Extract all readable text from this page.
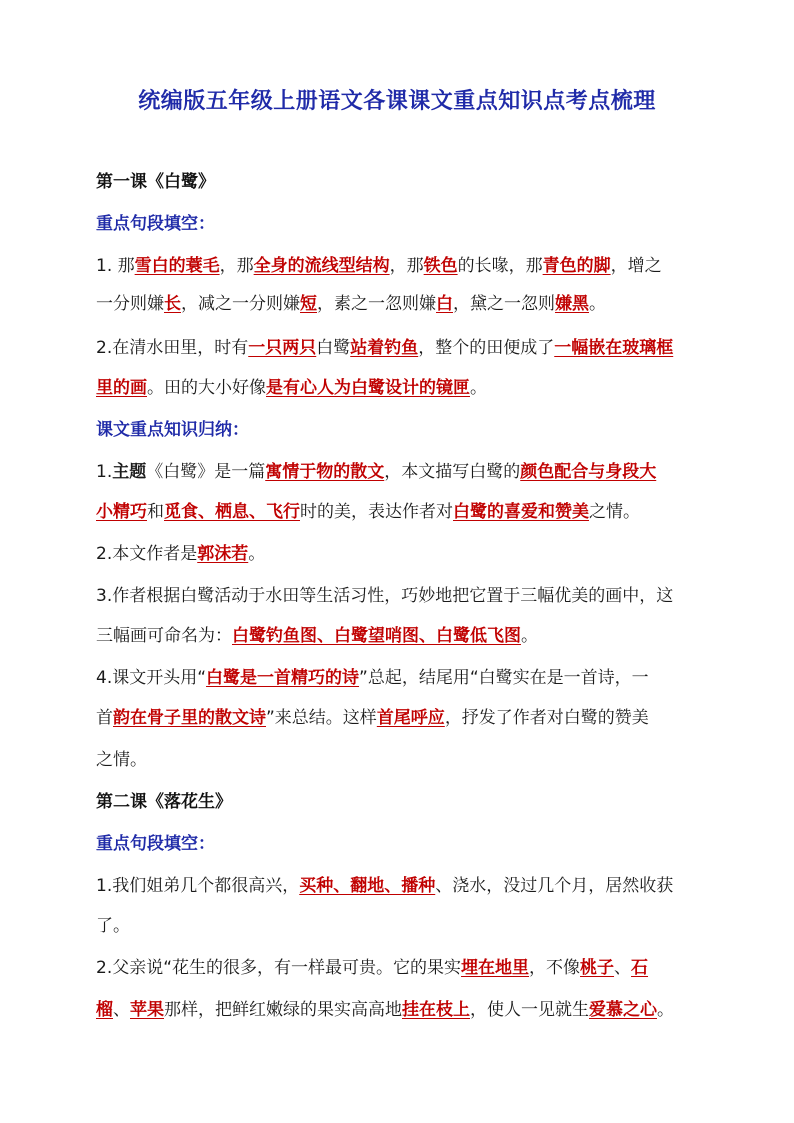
统编版五年级上册语文各课课文重点知识点考点梳理
第一课《白鹭》
重点句段填空：
1. 那雪白的蓑毛，那全身的流线型结构，那铁色的长喙，那青色的脚，增之
一分则嫌长，减之一分则嫌短，素之一忽则嫌白，黛之一忽则嫌黑。
2.在清水田里，时有一只两只白鹭站着钓鱼，整个的田便成了一幅嵌在玻璃框
里的画。田的大小好像是有心人为白鹭设计的镜匣。
课文重点知识归纳：
1.主题《白鹭》是一篇寓情于物的散文，本文描写白鹭的颜色配合与身段大
小精巧和觅食、栖息、飞行时的美，表达作者对白鹭的喜爱和赞美之情。
2.本文作者是郭沫若。
3.作者根据白鹭活动于水田等生活习性，巧妙地把它置于三幅优美的画中，这
三幅画可命名为：白鹭钓鱼图、白鹭望哨图、白鹭低飞图。
4.课文开头用“白鹭是一首精巧的诗”总起，结尾用“白鹭实在是一首诗，一
首韵在骨子里的散文诗”来总结。这样首尾呼应，抒发了作者对白鹭的赞美
之情。
第二课《落花生》
重点句段填空：
1.我们姐弟几个都很高兴，买种、翻地、播种、浇水，没过几个月，居然收获
了。
2.父亲说“花生的很多，有一样最可贵。它的果实埋在地里，不像桃子、石
榴、苹果那样，把鲜红嫩绿的果实高高地挂在枝上，使人一见就生爱慕之心。
